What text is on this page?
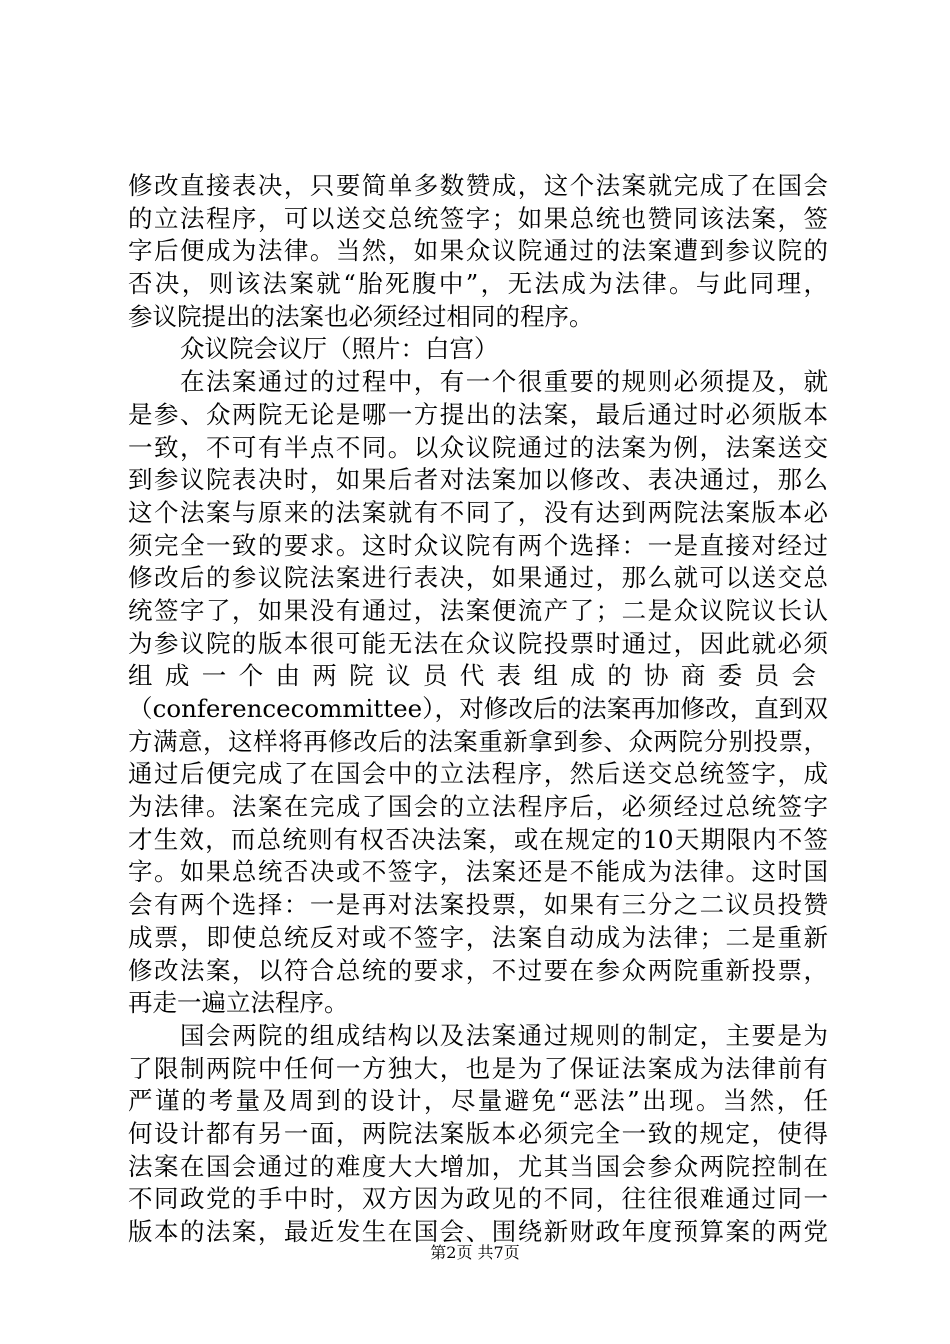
修改直接表决，只要简单多数赞成，这个法案就完成了在国会
的立法程序，可以送交总统签字；如果总统也赞同该法案，签
字后便成为法律。当然，如果众议院通过的法案遭到参议院的
否决，则该法案就“胎死腹中”，无法成为法律。与此同理，
参议院提出的法案也必须经过相同的程序。
众议院会议厅（照片：白宫）
在法案通过的过程中，有一个很重要的规则必须提及，就
是参、众两院无论是哪一方提出的法案，最后通过时必须版本
一致，不可有半点不同。以众议院通过的法案为例，法案送交
到参议院表决时，如果后者对法案加以修改、表决通过，那么
这个法案与原来的法案就有不同了，没有达到两院法案版本必
须完全一致的要求。这时众议院有两个选择：一是直接对经过
修改后的参议院法案进行表决，如果通过，那么就可以送交总
统签字了，如果没有通过，法案便流产了；二是众议院议长认
为参议院的版本很可能无法在众议院投票时通过，因此就必须
组成一个由两院议员代表组成的协商委员会
（conferencecommittee），对修改后的法案再加修改，直到双
方满意，这样将再修改后的法案重新拿到参、众两院分别投票，
通过后便完成了在国会中的立法程序，然后送交总统签字，成
为法律。法案在完成了国会的立法程序后，必须经过总统签字
才生效，而总统则有权否决法案，或在规定的10天期限内不签
字。如果总统否决或不签字，法案还是不能成为法律。这时国
会有两个选择：一是再对法案投票，如果有三分之二议员投赞
成票，即使总统反对或不签字，法案自动成为法律；二是重新
修改法案，以符合总统的要求，不过要在参众两院重新投票，
再走一遍立法程序。
国会两院的组成结构以及法案通过规则的制定，主要是为
了限制两院中任何一方独大，也是为了保证法案成为法律前有
严谨的考量及周到的设计，尽量避免“恶法”出现。当然，任
何设计都有另一面，两院法案版本必须完全一致的规定，使得
法案在国会通过的难度大大增加，尤其当国会参众两院控制在
不同政党的手中时，双方因为政见的不同，往往很难通过同一
版本的法案，最近发生在国会、围绕新财政年度预算案的两党
第2页 共7页
